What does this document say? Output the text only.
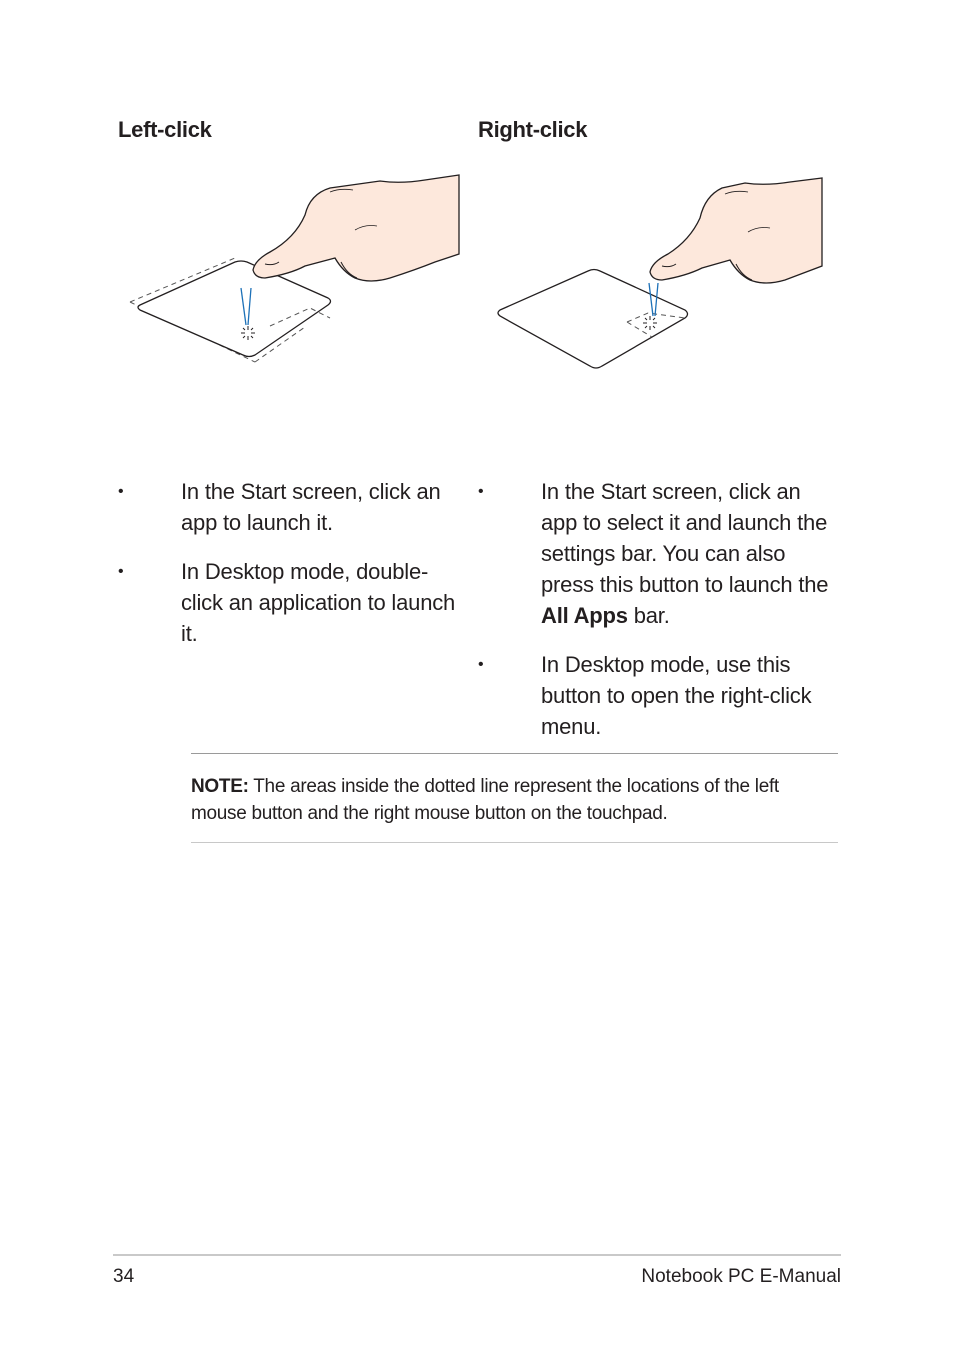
Left-click	Right-click
•	In the Start screen, click an app to launch it.
•	In Desktop mode, double-click an application to launch it.
•	In the Start screen, click an app to select it and launch the settings bar. You can also press this button to launch the All Apps bar.
•	In Desktop mode, use this button to open the right-click menu.
NOTE: The areas inside the dotted line represent the locations of the left mouse button and the right mouse button on the touchpad.
34	Notebook PC E-Manual
